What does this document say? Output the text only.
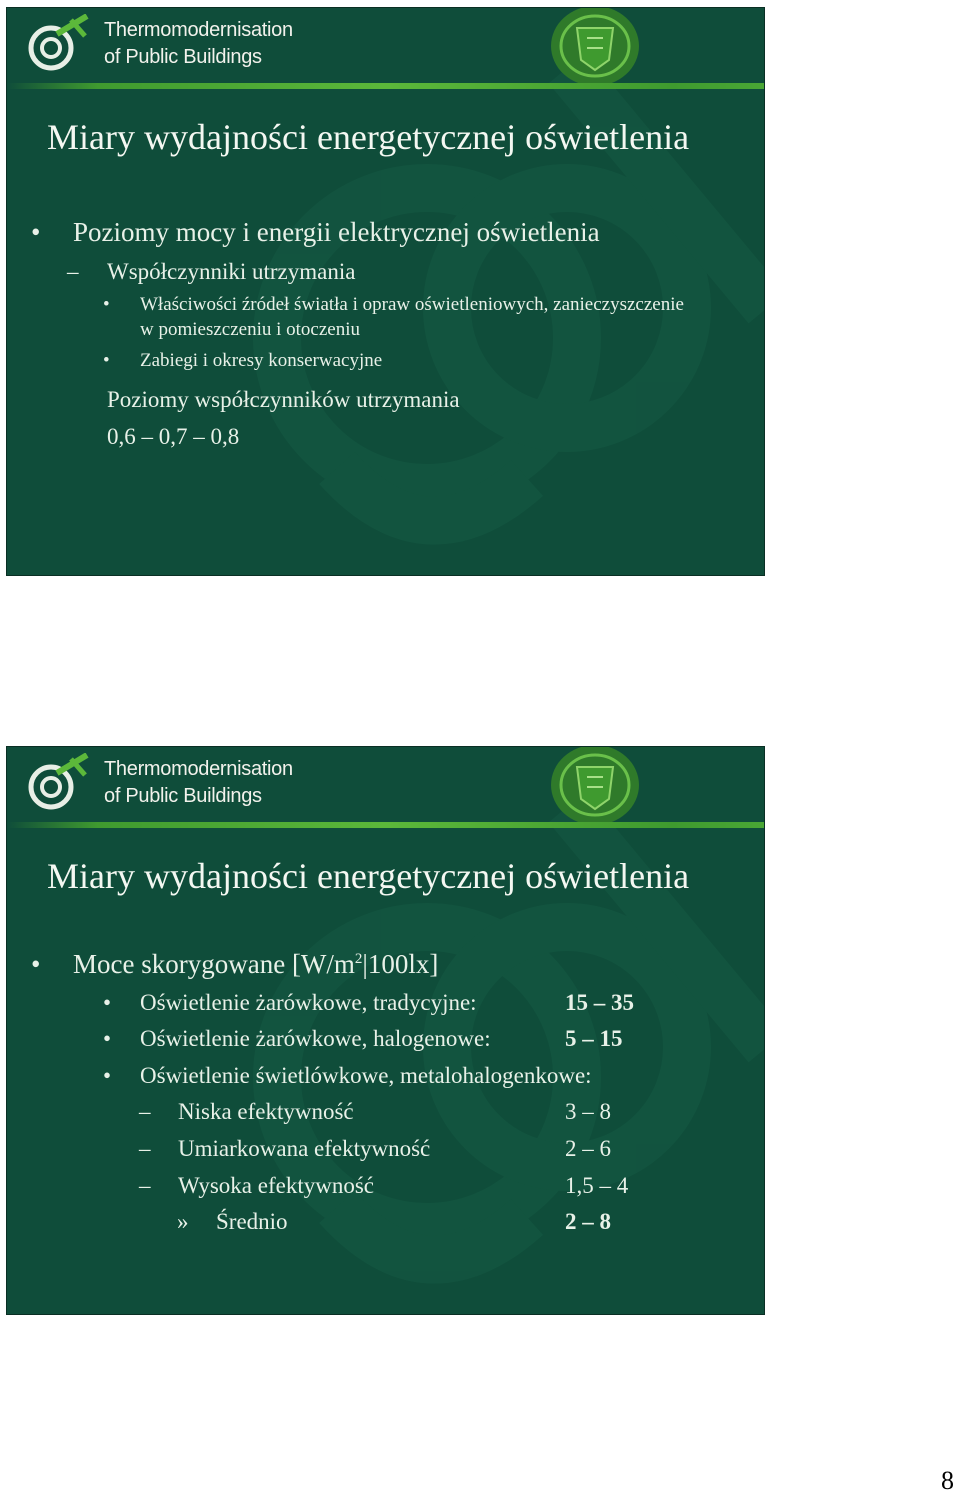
Thermomodernisation
of Public Buildings
Miary wydajności energetycznej oświetlenia
• Poziomy mocy i energii elektrycznej oświetlenia
– Współczynniki utrzymania
• Właściwości źródeł światła i opraw oświetleniowych, zanieczyszczenie
w pomieszczeniu i otoczeniu
• Zabiegi i okresy konserwacyjne
Poziomy współczynników utrzymania
0,6 – 0,7 – 0,8
Thermomodernisation
of Public Buildings
Miary wydajności energetycznej oświetlenia
• Moce skorygowane $[W/m^2|100lx]$
• Oświetlenie żarówkowe, tradycyjne:	15 – 35
• Oświetlenie żarówkowe, halogenowe:	5 – 15
• Oświetlenie świetlówkowe, metalohalogenkowe:
– Niska efektywność	3 – 8
– Umiarkowana efektywność	2 – 6
– Wysoka efektywność	1,5 – 4
» Średnio	2 – 8
8
